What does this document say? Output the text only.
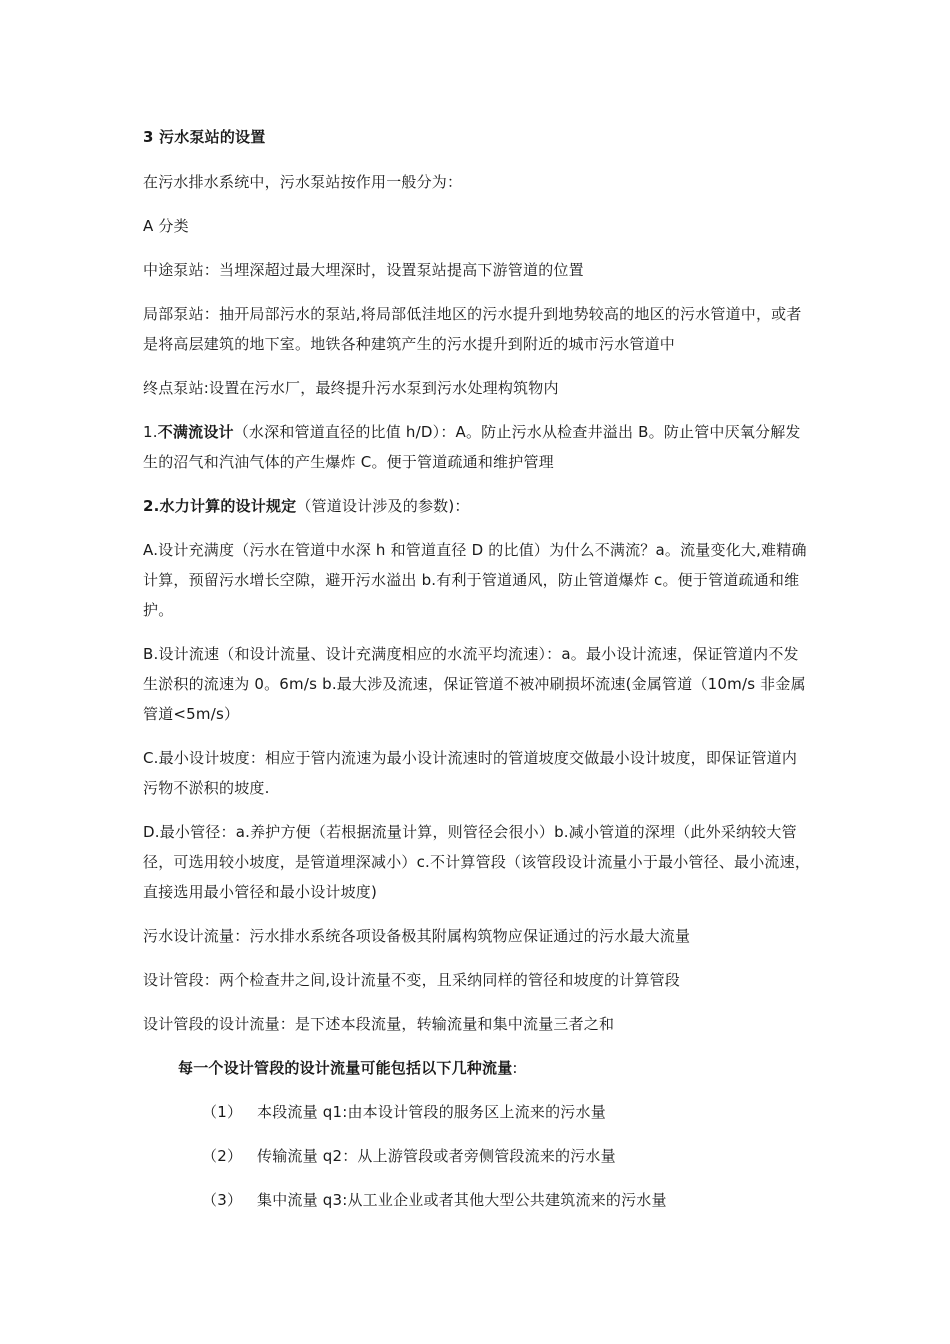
3 污水泵站的设置
在污水排水系统中，污水泵站按作用一般分为：
A 分类
中途泵站：当埋深超过最大埋深时，设置泵站提高下游管道的位置
局部泵站：抽开局部污水的泵站,将局部低洼地区的污水提升到地势较高的地区的污水管道中，或者是将高层建筑的地下室。地铁各种建筑产生的污水提升到附近的城市污水管道中
终点泵站:设置在污水厂，最终提升污水泵到污水处理构筑物内
1.不满流设计（水深和管道直径的比值 h/D）：A。防止污水从检查井溢出 B。防止管中厌氧分解发生的沼气和汽油气体的产生爆炸 C。便于管道疏通和维护管理
2.水力计算的设计规定（管道设计涉及的参数)：
A.设计充满度（污水在管道中水深 h 和管道直径 D 的比值）为什么不满流？a。流量变化大,难精确计算，预留污水增长空隙，避开污水溢出 b.有利于管道通风，防止管道爆炸 c。便于管道疏通和维护。
B.设计流速（和设计流量、设计充满度相应的水流平均流速）：a。最小设计流速，保证管道内不发生淤积的流速为 0。6m/s b.最大涉及流速，保证管道不被冲刷损坏流速(金属管道（10m/s 非金属管道<5m/s）
C.最小设计坡度：相应于管内流速为最小设计流速时的管道坡度交做最小设计坡度，即保证管道内污物不淤积的坡度.
D.最小管径：a.养护方便（若根据流量计算，则管径会很小）b.减小管道的深埋（此外采纳较大管径，可选用较小坡度，是管道埋深减小）c.不计算管段（该管段设计流量小于最小管径、最小流速，直接选用最小管径和最小设计坡度)
污水设计流量：污水排水系统各项设备极其附属构筑物应保证通过的污水最大流量
设计管段：两个检查井之间,设计流量不变，且采纳同样的管径和坡度的计算管段
设计管段的设计流量：是下述本段流量，转输流量和集中流量三者之和
每一个设计管段的设计流量可能包括以下几种流量:
（1） 本段流量 q1:由本设计管段的服务区上流来的污水量
（2） 传输流量 q2：从上游管段或者旁侧管段流来的污水量
（3） 集中流量 q3:从工业企业或者其他大型公共建筑流来的污水量
